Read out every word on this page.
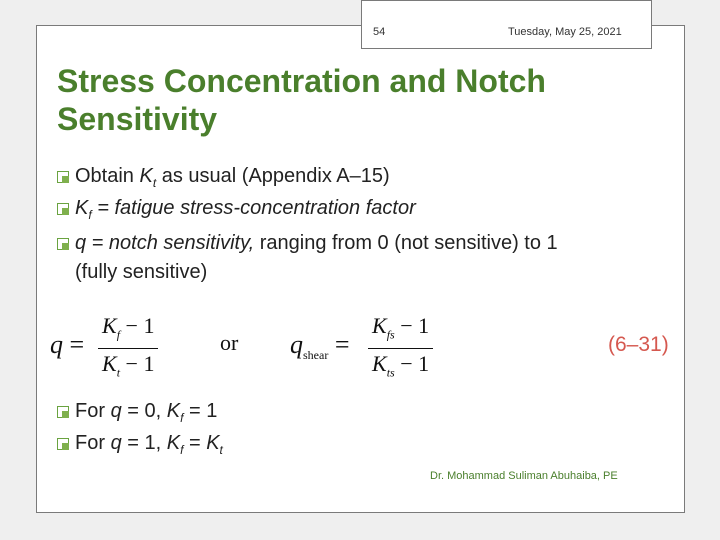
54	Tuesday, May 25, 2021
Stress Concentration and Notch Sensitivity
Obtain $K_t$ as usual (Appendix A–15)
$K_f$ = fatigue stress-concentration factor
q = notch sensitivity, ranging from 0 (not sensitive) to 1
(fully sensitive)
$q = \frac{K_f - 1}{K_t - 1}$	or $q_{shear}$ =
$K_{fs} - 1$
$K_{ts} - 1$
(6–31)
For q = 0, $K_f = 1$
For q = 1, $K_f = K_t$
Dr. Mohammad Suliman Abuhaiba, PE
